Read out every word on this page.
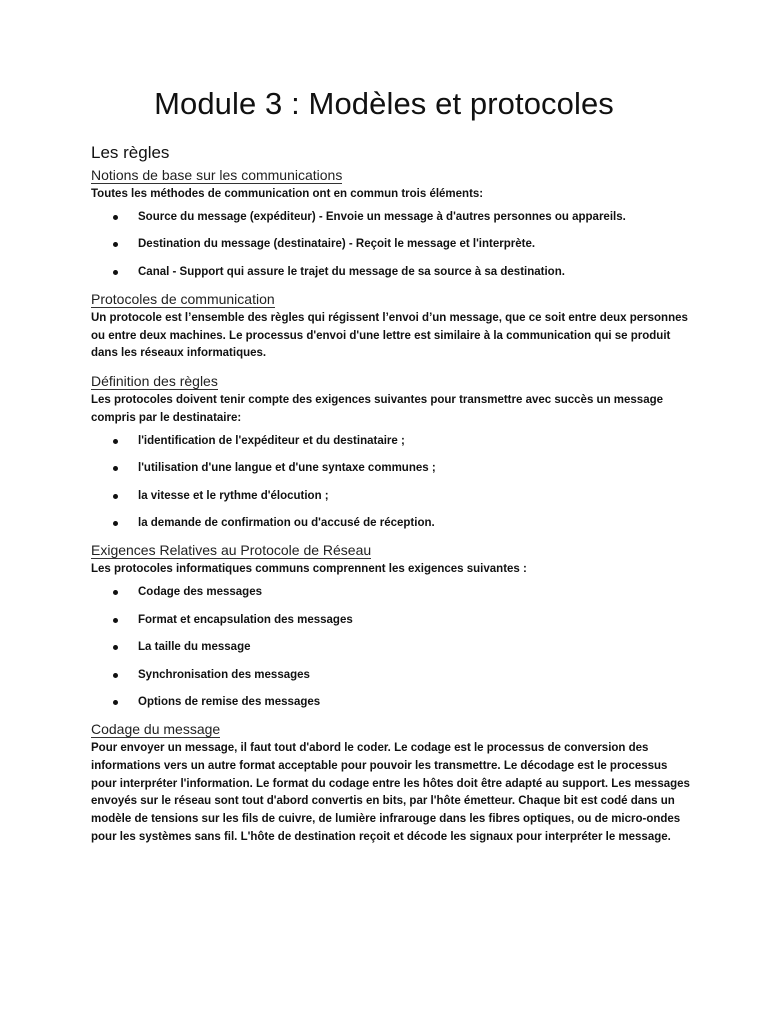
Module 3 : Modèles et protocoles
Les règles
Notions de base sur les communications
Toutes les méthodes de communication ont en commun trois éléments:
Source du message (expéditeur) - Envoie un message à d'autres personnes ou appareils.
Destination du message (destinataire) - Reçoit le message et l'interprète.
Canal - Support qui assure le trajet du message de sa source à sa destination.
Protocoles de communication
Un protocole est l’ensemble des règles qui régissent l’envoi d’un message, que ce soit entre deux personnes ou entre deux machines. Le processus d'envoi d'une lettre est similaire à la communication qui se produit dans les réseaux informatiques.
Définition des règles
Les protocoles doivent tenir compte des exigences suivantes pour transmettre avec succès un message compris par le destinataire:
l'identification de l'expéditeur et du destinataire ;
l'utilisation d'une langue et d'une syntaxe communes ;
la vitesse et le rythme d'élocution ;
la demande de confirmation ou d'accusé de réception.
Exigences Relatives au Protocole de Réseau
Les protocoles informatiques communs comprennent les exigences suivantes :
Codage des messages
Format et encapsulation des messages
La taille du message
Synchronisation des messages
Options de remise des messages
Codage du message
Pour envoyer un message, il faut tout d'abord le coder. Le codage est le processus de conversion des informations vers un autre format acceptable pour pouvoir les transmettre. Le décodage est le processus pour interpréter l'information. Le format du codage entre les hôtes doit être adapté au support. Les messages envoyés sur le réseau sont tout d'abord convertis en bits, par l'hôte émetteur. Chaque bit est codé dans un modèle de tensions sur les fils de cuivre, de lumière infrarouge dans les fibres optiques, ou de micro-ondes pour les systèmes sans fil. L'hôte de destination reçoit et décode les signaux pour interpréter le message.
